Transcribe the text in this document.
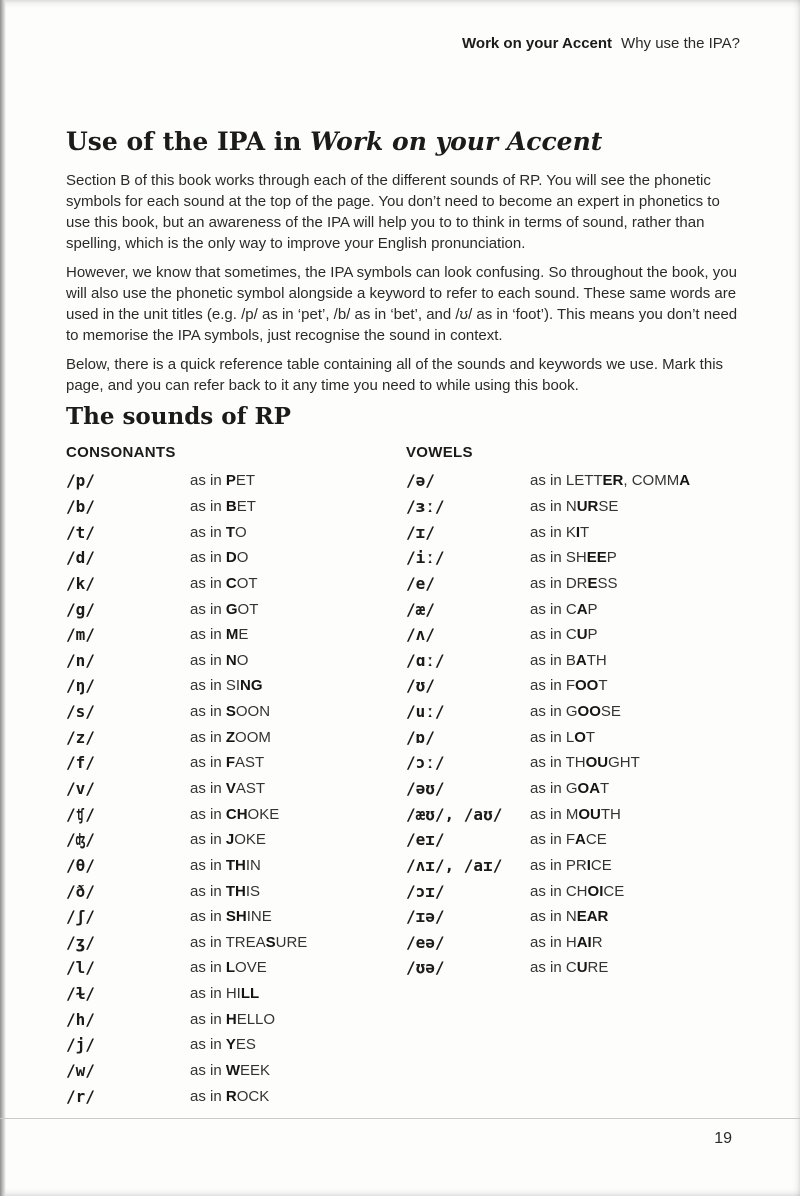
Work on your Accent Why use the IPA?
Use of the IPA in Work on your Accent

Section B of this book works through each of the different sounds of RP. You will see the phonetic symbols for each sound at the top of the page. You don’t need to become an expert in phonetics to use this book, but an awareness of the IPA will help you to to think in terms of sound, rather than spelling, which is the only way to improve your English pronunciation.

However, we know that sometimes, the IPA symbols can look confusing. So throughout the book, you will also use the phonetic symbol alongside a keyword to refer to each sound. These same words are used in the unit titles (e.g. /p/ as in ‘pet’, /b/ as in ‘bet’, and /ʊ/ as in ‘foot’). This means you don’t need to memorise the IPA symbols, just recognise the sound in context.

Below, there is a quick reference table containing all of the sounds and keywords we use. Mark this page, and you can refer back to it any time you need to while using this book.

The sounds of RP
CONSONANTS
/p/	as in PET
/b/	as in BET
/t/	as in TO
/d/	as in DO
/k/	as in COT
/g/	as in GOT
/m/	as in ME
/n/	as in NO
/ŋ/	as in SING
/s/	as in SOON
/z/	as in ZOOM
/f/	as in FAST
/v/	as in VAST
/ʧ/	as in CHOKE
/ʤ/	as in JOKE
/θ/	as in THIN
/ð/	as in THIS
/ʃ/	as in SHINE
/ʒ/	as in TREASURE
/l/	as in LOVE
/ɫ/	as in HILL
/h/	as in HELLO
/j/	as in YES
/w/	as in WEEK
/r/	as in ROCK
VOWELS
/ə/	as in LETTER, COMMA
/ɜː/	as in NURSE
/ɪ/	as in KIT
/iː/	as in SHEEP
/e/	as in DRESS
/æ/	as in CAP
/ʌ/	as in CUP
/ɑː/	as in BATH
/ʊ/	as in FOOT
/uː/	as in GOOSE
/ɒ/	as in LOT
/ɔː/	as in THOUGHT
/əʊ/	as in GOAT
/æʊ/, /aʊ/	as in MOUTH
/eɪ/	as in FACE
/ʌɪ/, /aɪ/	as in PRICE
/ɔɪ/	as in CHOICE
/ɪə/	as in NEAR
/eə/	as in HAIR
/ʊə/	as in CURE
19
